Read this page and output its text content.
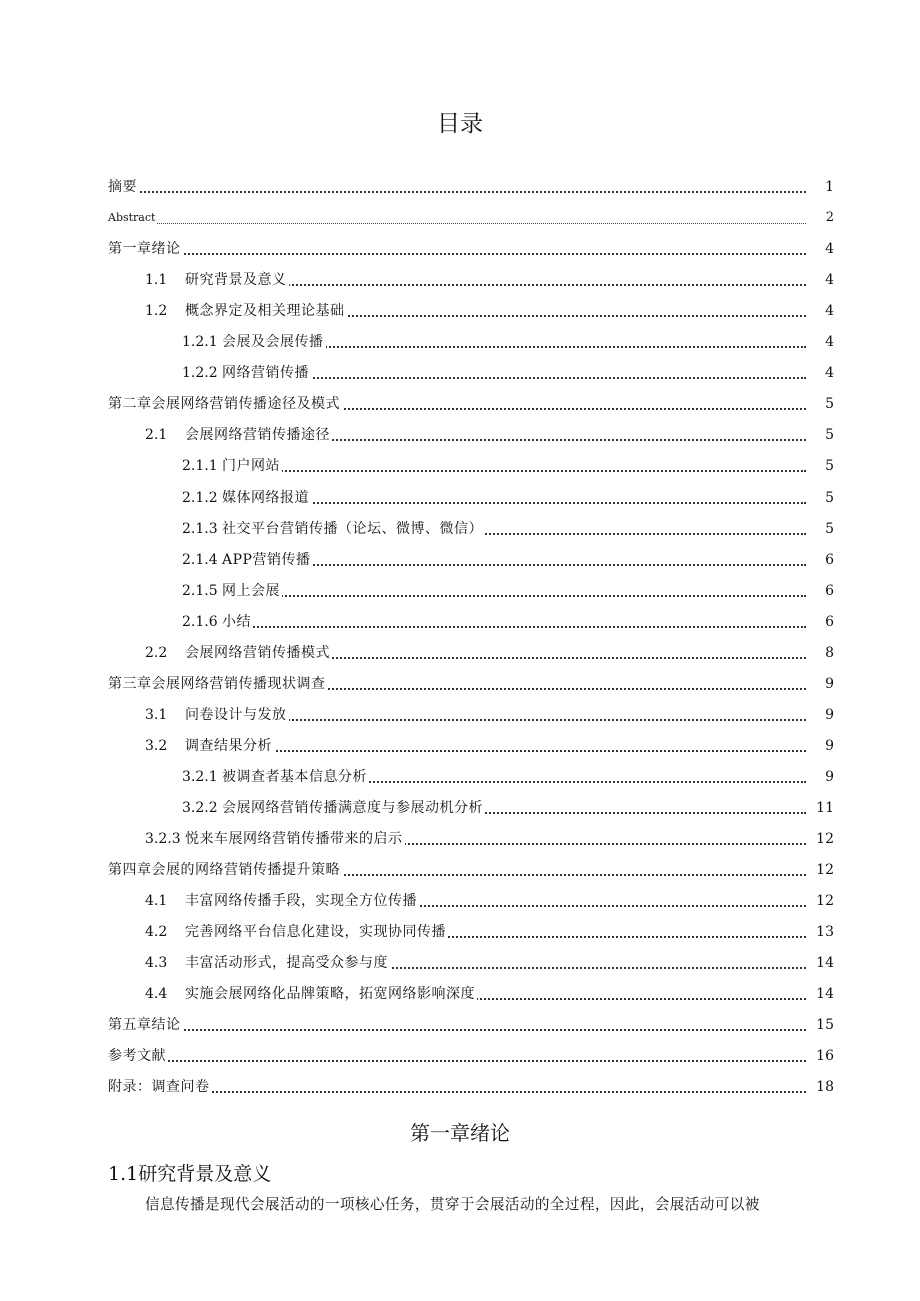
目录
摘要	1
Abstract	2
第一章绪论	4
1.1 研究背景及意义	4
1.2 概念界定及相关理论基础	4
1.2.1 会展及会展传播	4
1.2.2 网络营销传播	4
第二章会展网络营销传播途径及模式	5
2.1 会展网络营销传播途径	5
2.1.1 门户网站	5
2.1.2 媒体网络报道	5
2.1.3 社交平台营销传播（论坛、微博、微信）	5
2.1.4 APP营销传播	6
2.1.5 网上会展	6
2.1.6 小结	6
2.2 会展网络营销传播模式	8
第三章会展网络营销传播现状调查	9
3.1 问卷设计与发放	9
3.2 调查结果分析	9
3.2.1 被调查者基本信息分析	9
3.2.2 会展网络营销传播满意度与参展动机分析	11
3.2.3 悦来车展网络营销传播带来的启示	12
第四章会展的网络营销传播提升策略	12
4.1 丰富网络传播手段，实现全方位传播	12
4.2 完善网络平台信息化建设，实现协同传播	13
4.3 丰富活动形式，提高受众参与度	14
4.4 实施会展网络化品牌策略，拓宽网络影响深度	14
第五章结论	15
参考文献	16
附录：调查问卷	18
第一章绪论
1.1研究背景及意义

信息传播是现代会展活动的一项核心任务，贯穿于会展活动的全过程，因此，会展活动可以被
